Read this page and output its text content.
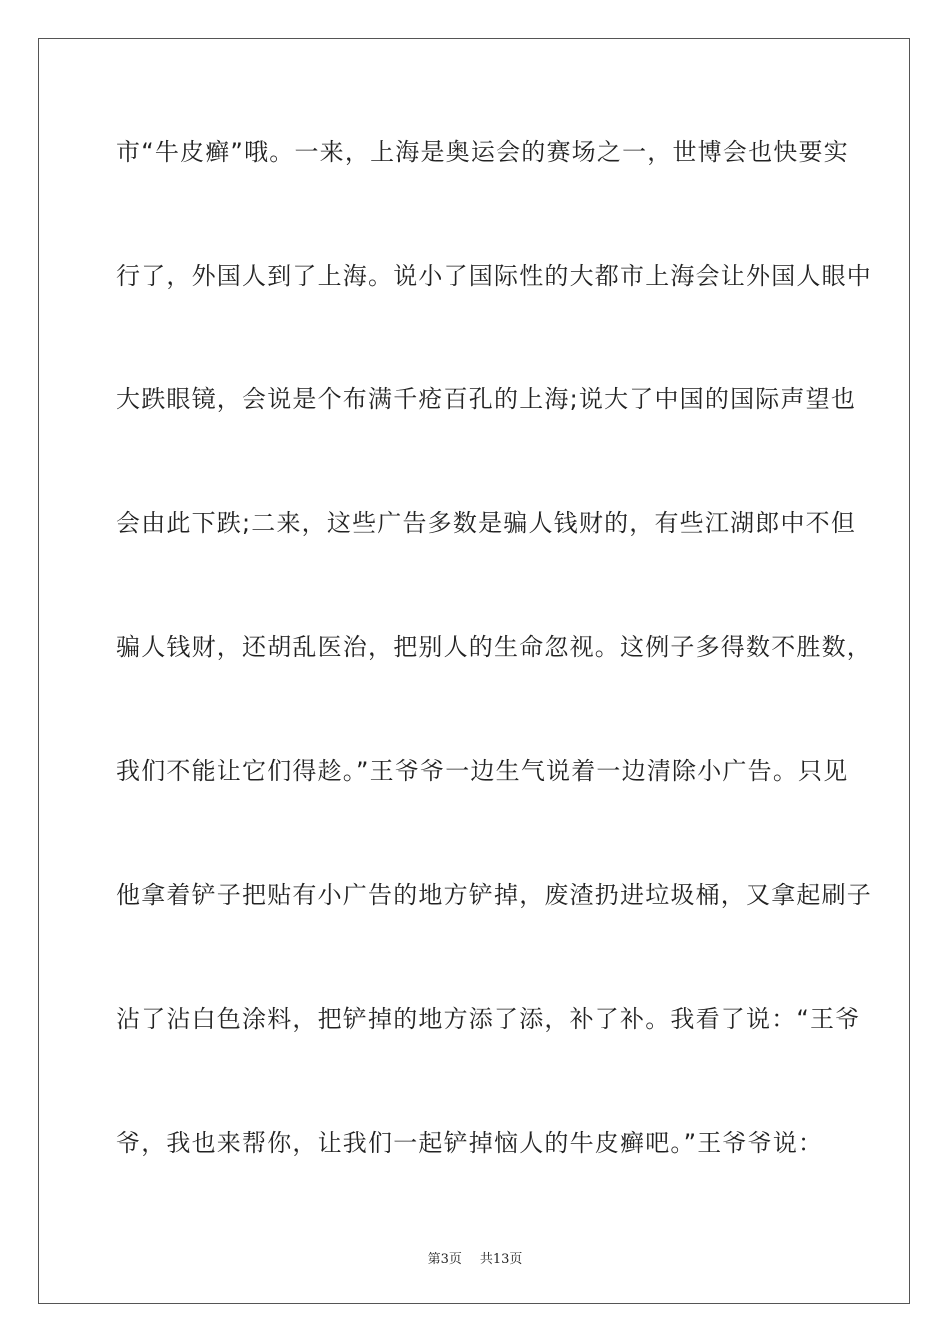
市“牛皮癣”哦。一来，上海是奥运会的赛场之一，世博会也快要实
行了，外国人到了上海。说小了国际性的大都市上海会让外国人眼中
大跌眼镜，会说是个布满千疮百孔的上海;说大了中国的国际声望也
会由此下跌;二来，这些广告多数是骗人钱财的，有些江湖郎中不但
骗人钱财，还胡乱医治，把别人的生命忽视。这例子多得数不胜数，
我们不能让它们得趁。”王爷爷一边生气说着一边清除小广告。只见
他拿着铲子把贴有小广告的地方铲掉，废渣扔进垃圾桶，又拿起刷子
沾了沾白色涂料，把铲掉的地方添了添，补了补。我看了说：“王爷
爷，我也来帮你，让我们一起铲掉恼人的牛皮癣吧。”王爷爷说：
第3页 共13页
